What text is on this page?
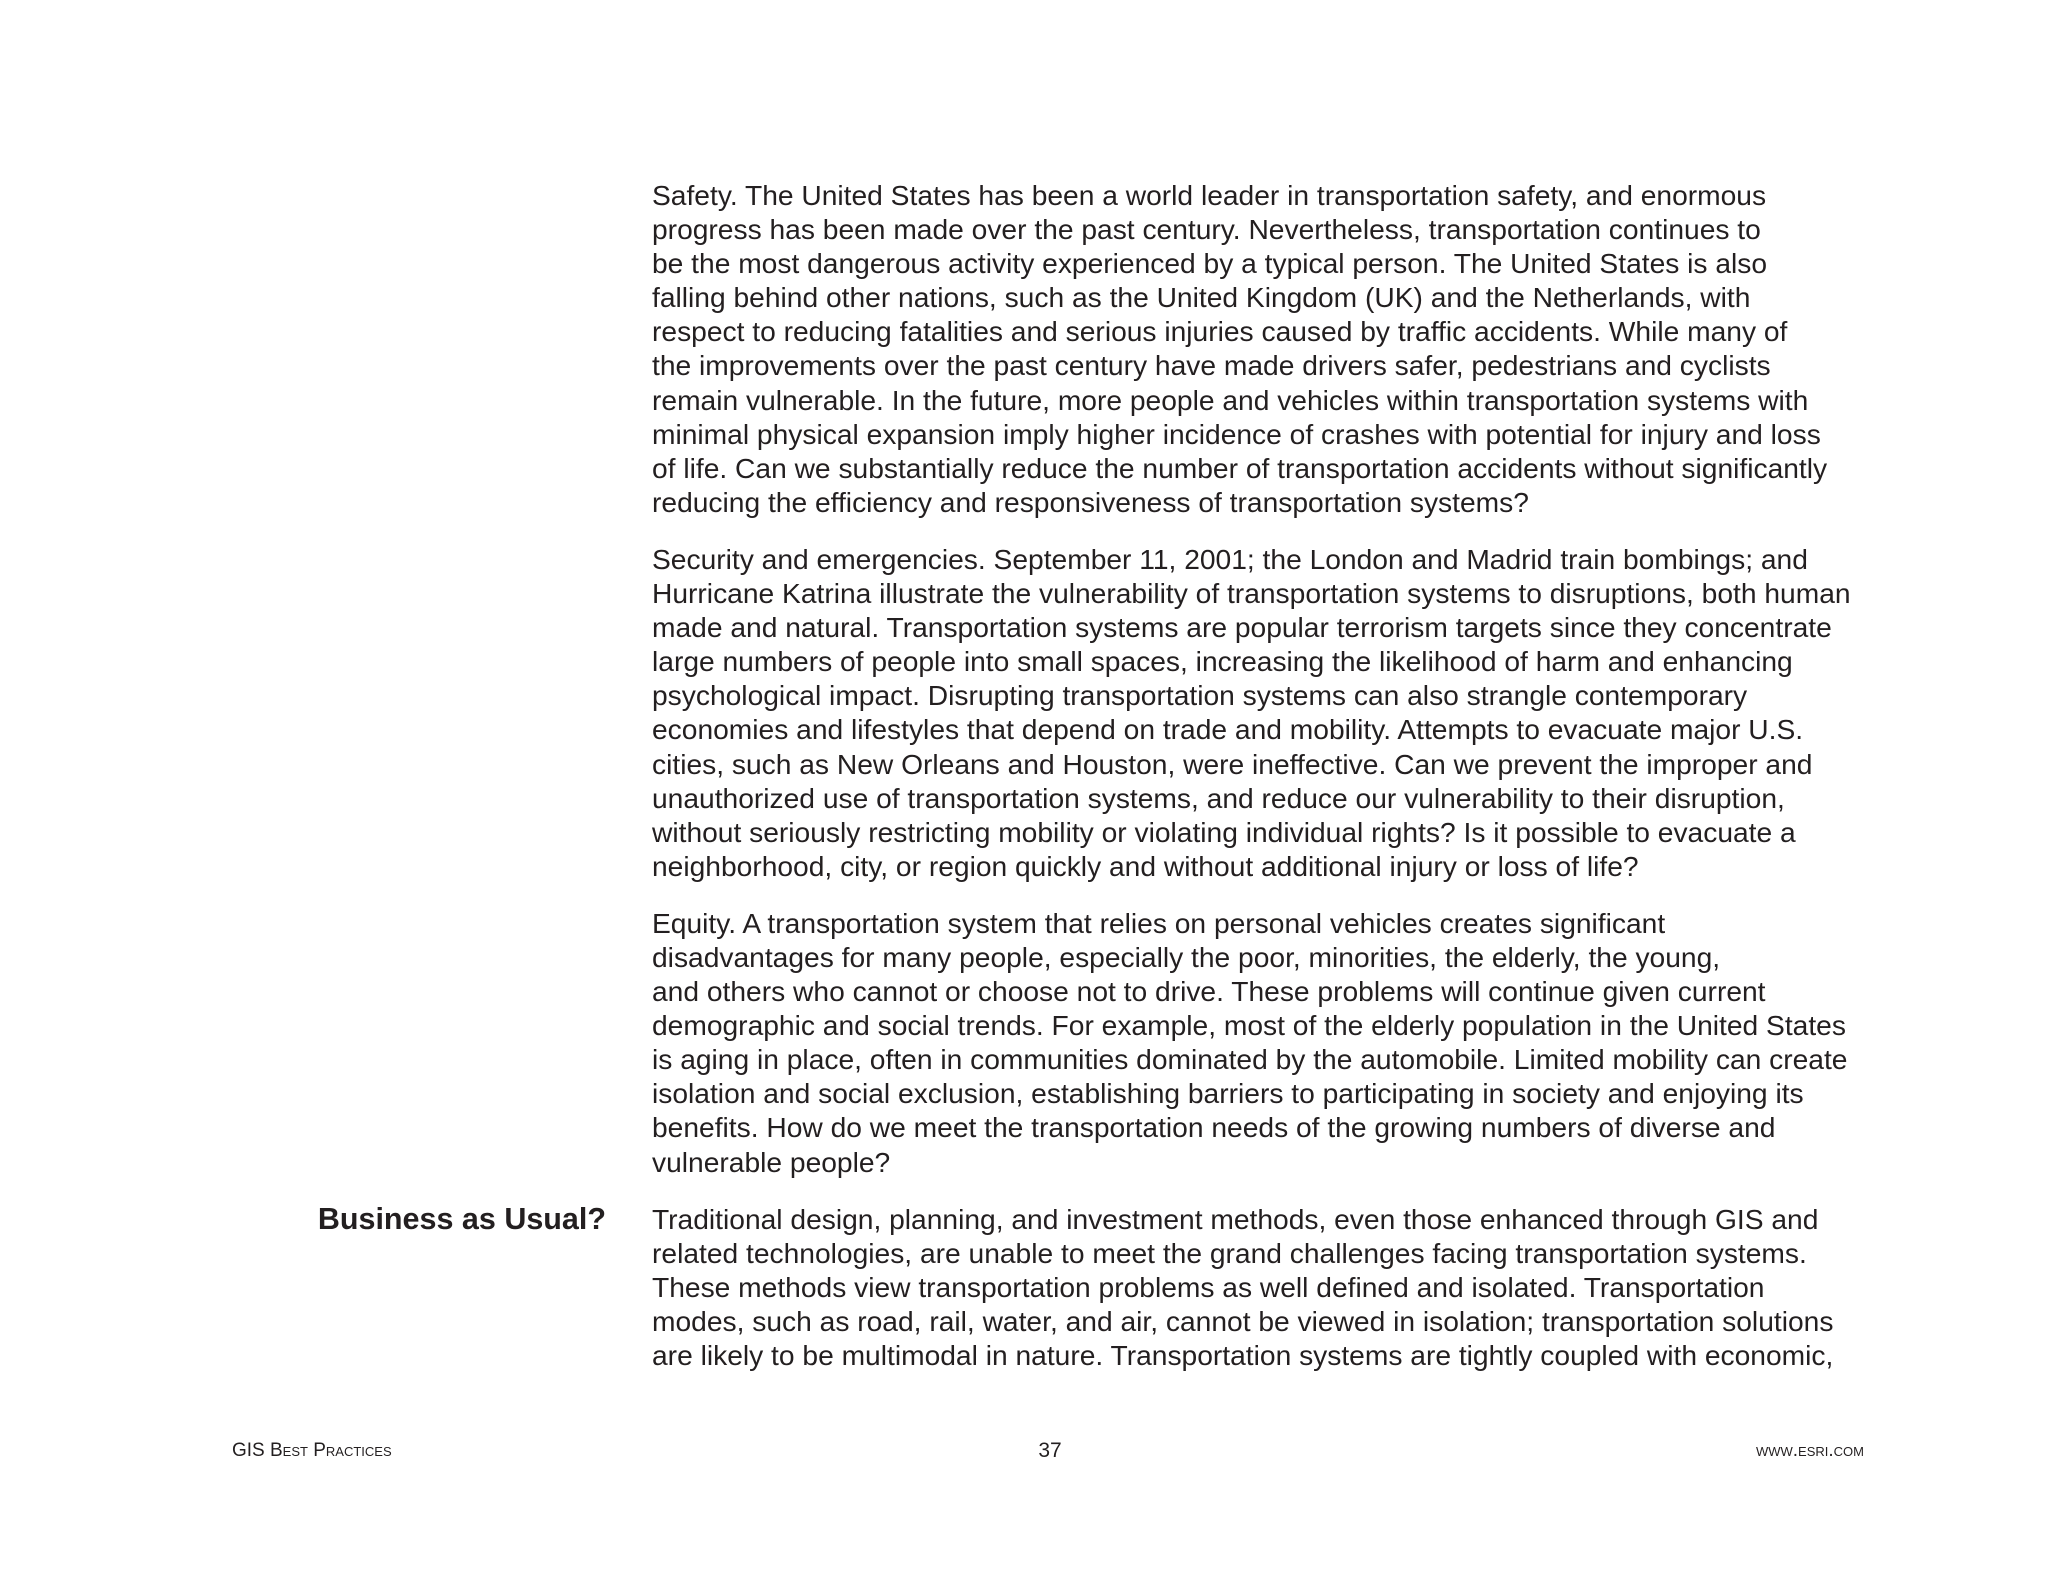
Business as Usual?

Safety. The United States has been a world leader in transportation safety, and enormous
progress has been made over the past century. Nevertheless, transportation continues to
be the most dangerous activity experienced by a typical person. The United States is also
falling behind other nations, such as the United Kingdom (UK) and the Netherlands, with
respect to reducing fatalities and serious injuries caused by traffic accidents. While many of
the improvements over the past century have made drivers safer, pedestrians and cyclists
remain vulnerable. In the future, more people and vehicles within transportation systems with
minimal physical expansion imply higher incidence of crashes with potential for injury and loss
of life. Can we substantially reduce the number of transportation accidents without significantly
reducing the efficiency and responsiveness of transportation systems?

Security and emergencies. September 11, 2001; the London and Madrid train bombings; and
Hurricane Katrina illustrate the vulnerability of transportation systems to disruptions, both human
made and natural. Transportation systems are popular terrorism targets since they concentrate
large numbers of people into small spaces, increasing the likelihood of harm and enhancing
psychological impact. Disrupting transportation systems can also strangle contemporary
economies and lifestyles that depend on trade and mobility. Attempts to evacuate major U.S.
cities, such as New Orleans and Houston, were ineffective. Can we prevent the improper and
unauthorized use of transportation systems, and reduce our vulnerability to their disruption,
without seriously restricting mobility or violating individual rights? Is it possible to evacuate a
neighborhood, city, or region quickly and without additional injury or loss of life?

Equity. A transportation system that relies on personal vehicles creates significant
disadvantages for many people, especially the poor, minorities, the elderly, the young,
and others who cannot or choose not to drive. These problems will continue given current
demographic and social trends. For example, most of the elderly population in the United States
is aging in place, often in communities dominated by the automobile. Limited mobility can create
isolation and social exclusion, establishing barriers to participating in society and enjoying its
benefits. How do we meet the transportation needs of the growing numbers of diverse and
vulnerable people?

Traditional design, planning, and investment methods, even those enhanced through GIS and
related technologies, are unable to meet the grand challenges facing transportation systems.
These methods view transportation problems as well defined and isolated. Transportation
modes, such as road, rail, water, and air, cannot be viewed in isolation; transportation solutions
are likely to be multimodal in nature. Transportation systems are tightly coupled with economic,

GIS Best Practices	37	www.esri.com
